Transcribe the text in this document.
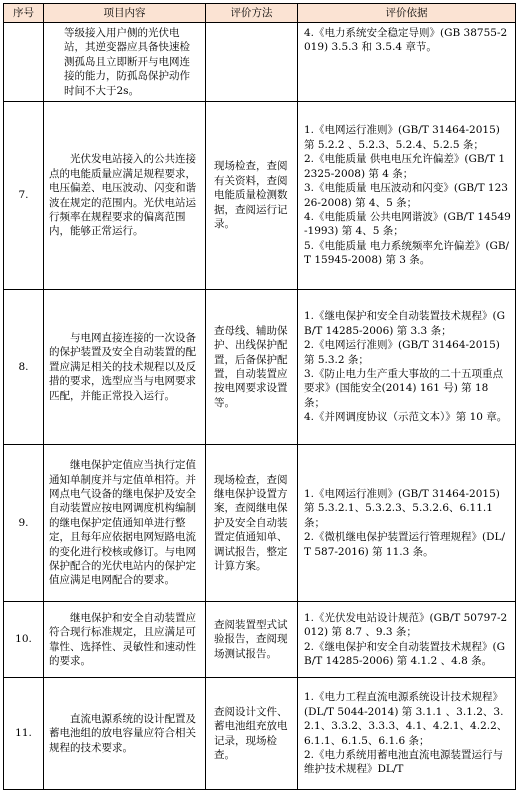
序号	项目内容	评价方法	评价依据
	等级接入用户侧的光伏电站，其逆变器应具备快速检测孤岛且立即断开与电网连接的能力，防孤岛保护动作时间不大于2s。		4.《电力系统安全稳定导则》(GB 38755-2019) 3.5.3 和 3.5.4 章节。

7.	光伏发电站接入的公共连接点的电能质量应满足规程要求，电压偏差、电压波动、闪变和谐波在规定的范围内。光伏电站运行频率在规程要求的偏离范围内，能够正常运行。	现场检查，查阅有关资料，查阅电能质量检测数据，查阅运行记录。	1.《电网运行准则》(GB/T 31464-2015) 第 5.2.2 、5.2.3、5.2.4、5.2.5 条；
2.《电能质量 供电电压允许偏差》(GB/T 12325-2008) 第 4 条；
3.《电能质量 电压波动和闪变》(GB/T 12326-2008) 第 4、5 条；
4.《电能质量 公共电网谐波》(GB/T 14549-1993) 第 4、5 条；
5.《电能质量 电力系统频率允许偏差》(GB/T 15945-2008) 第 3 条。

8.	与电网直接连接的一次设备的保护装置及安全自动装置的配置应满足相关的技术规程以及反措的要求，选型应当与电网要求匹配，并能正常投入运行。	查母线、辅助保护、出线保护配置，后备保护配置，自动装置应按电网要求设置等。	1.《继电保护和安全自动装置技术规程》(GB/T 14285-2006) 第 3.3 条；
2.《电网运行准则》(GB/T 31464-2015) 第 5.3.2 条；
3.《防止电力生产重大事故的二十五项重点要求》(国能安全(2014) 161 号) 第 18 条；
4.《并网调度协议（示范文本）》第 10 章。

9.	继电保护定值应当执行定值通知单制度并与定值单相符。并网点电气设备的继电保护及安全自动装置应按电网调度机构编制的继电保护定值通知单进行整定，且每年应依据电网短路电流的变化进行校核或修订。与电网保护配合的光伏电站内的保护定值应满足电网配合的要求。	现场检查，查阅继电保护设置方案，查阅继电保护及安全自动装置定值通知单、调试报告，整定计算方案。	1.《电网运行准则》(GB/T 31464-2015) 第 5.3.2.1、5.3.2.3、5.3.2.6、6.11.1 条；
2.《微机继电保护装置运行管理规程》(DL/T 587-2016) 第 11.3 条。

10.	继电保护和安全自动装置应符合现行标准规定，且应满足可靠性、选择性、灵敏性和速动性的要求。	查阅装置型式试验报告，查阅现场测试报告。	1.《光伏发电站设计规范》(GB/T 50797-2012) 第 8.7 、9.3 条；
2.《继电保护和安全自动装置技术规程》(GB/T 14285-2006) 第 4.1.2 、4.8 条。

11.	直流电源系统的设计配置及蓄电池组的放电容量应符合相关规程的技术要求。	查阅设计文件、蓄电池组充放电记录，现场检查。	1.《电力工程直流电源系统设计技术规程》(DL/T 5044-2014) 第 3.1.1 、3.1.2、3.2.1、3.3.2、3.3.3、4.1、4.2.1、4.2.2、6.1.1、6.1.5、6.1.6 条；
2.《电力系统用蓄电池直流电源装置运行与维护技术规程》DL/T
